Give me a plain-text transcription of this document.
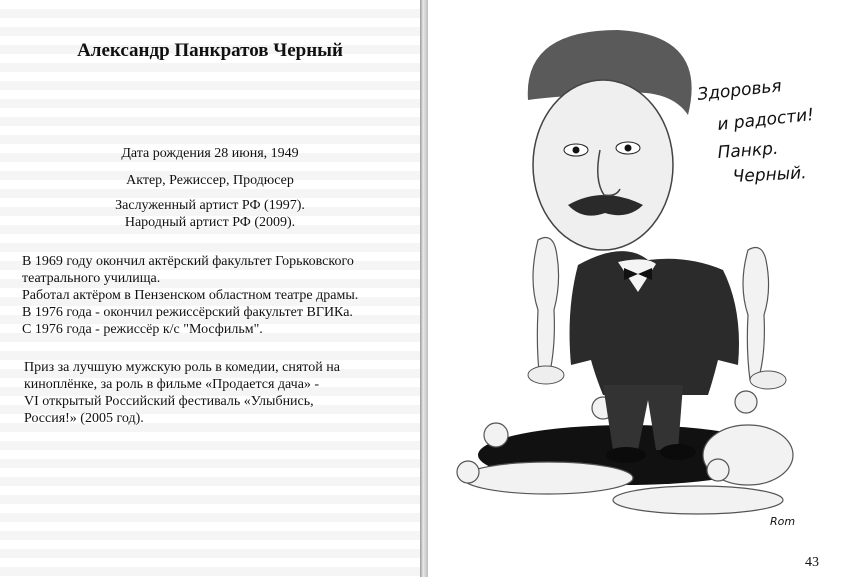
Александр Панкратов Черный
Дата рождения 28 июня, 1949
Актер, Режиссер, Продюсер
Заслуженный артист РФ (1997).
Народный артист РФ (2009).
В 1969 году окончил актёрский факультет Горьковского
театрального училища.
Работал актёром в Пензенском областном театре драмы.
В 1976 года - окончил режиссёрский факультет ВГИКа.
С 1976 года - режиссёр к/с "Мосфильм".
Приз за лучшую мужскую роль в комедии, снятой на
киноплёнке, за роль в фильме «Продается дача» -
VI открытый Российский фестиваль «Улыбнись,
Россия!» (2005 год).
Здоровья
и радости!
Панкр.
Черный.
Rom
43
